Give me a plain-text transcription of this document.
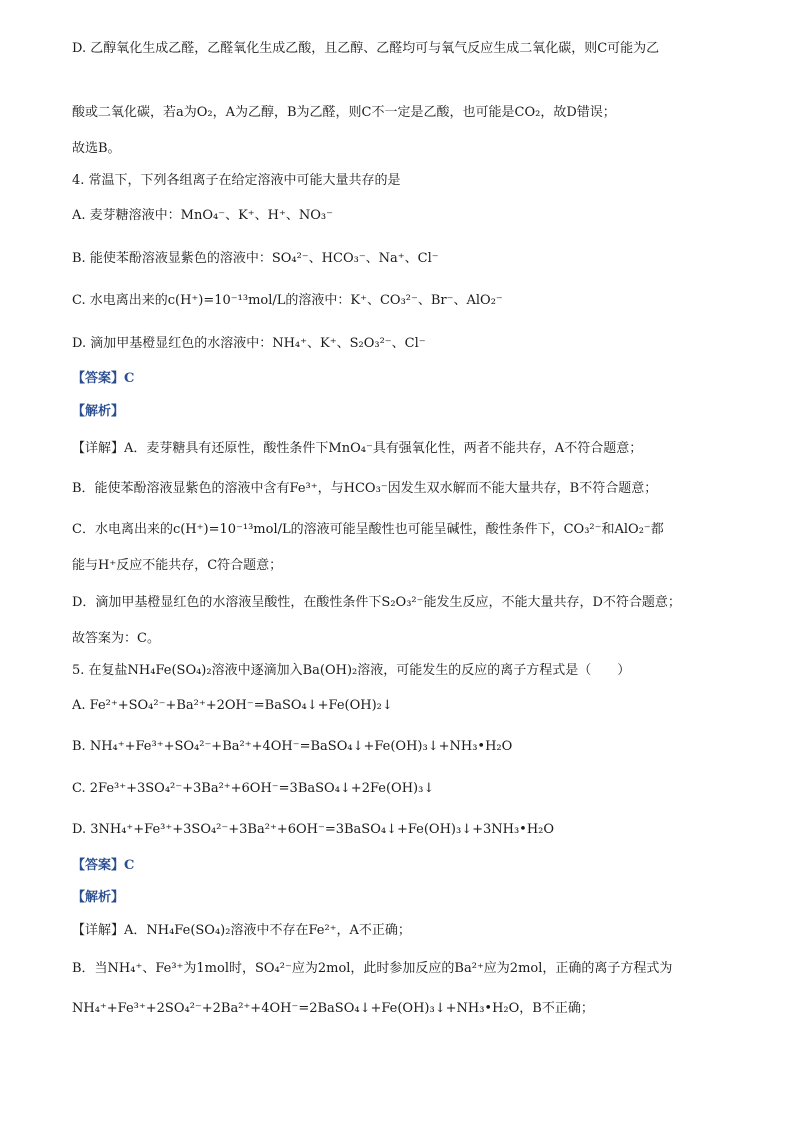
D. 乙醇氧化生成乙醛，乙醛氧化生成乙酸，且乙醇、乙醛均可与氧气反应生成二氧化碳，则C可能为乙
酸或二氧化碳，若a为O₂，A为乙醇，B为乙醛，则C不一定是乙酸，也可能是CO₂，故D错误；
故选B。
4. 常温下，下列各组离子在给定溶液中可能大量共存的是
A. 麦芽糖溶液中：MnO₄⁻、K⁺、H⁺、NO₃⁻
B. 能使苯酚溶液显紫色的溶液中：SO₄²⁻、HCO₃⁻、Na⁺、Cl⁻
C. 水电离出来的c(H⁺)=10⁻¹³mol/L的溶液中：K⁺、CO₃²⁻、Br⁻、AlO₂⁻
D. 滴加甲基橙显红色的水溶液中：NH₄⁺、K⁺、S₂O₃²⁻、Cl⁻
【答案】C
【解析】
【详解】A．麦芽糖具有还原性，酸性条件下MnO₄⁻具有强氧化性，两者不能共存，A不符合题意；
B．能使苯酚溶液显紫色的溶液中含有Fe³⁺，与HCO₃⁻因发生双水解而不能大量共存，B不符合题意；
C．水电离出来的c(H⁺)=10⁻¹³mol/L的溶液可能呈酸性也可能呈碱性，酸性条件下，CO₃²⁻和AlO₂⁻都
能与H⁺反应不能共存，C符合题意；
D．滴加甲基橙显红色的水溶液呈酸性，在酸性条件下S₂O₃²⁻能发生反应，不能大量共存，D不符合题意；
故答案为：C。
5. 在复盐NH₄Fe(SO₄)₂溶液中逐滴加入Ba(OH)₂溶液，可能发生的反应的离子方程式是（　　）
A. Fe²⁺+SO₄²⁻+Ba²⁺+2OH⁻=BaSO₄↓+Fe(OH)₂↓
B. NH₄⁺+Fe³⁺+SO₄²⁻+Ba²⁺+4OH⁻=BaSO₄↓+Fe(OH)₃↓+NH₃•H₂O
C. 2Fe³⁺+3SO₄²⁻+3Ba²⁺+6OH⁻=3BaSO₄↓+2Fe(OH)₃↓
D. 3NH₄⁺+Fe³⁺+3SO₄²⁻+3Ba²⁺+6OH⁻=3BaSO₄↓+Fe(OH)₃↓+3NH₃•H₂O
【答案】C
【解析】
【详解】A．NH₄Fe(SO₄)₂溶液中不存在Fe²⁺，A不正确；
B．当NH₄⁺、Fe³⁺为1mol时，SO₄²⁻应为2mol，此时参加反应的Ba²⁺应为2mol，正确的离子方程式为
NH₄⁺+Fe³⁺+2SO₄²⁻+2Ba²⁺+4OH⁻=2BaSO₄↓+Fe(OH)₃↓+NH₃•H₂O，B不正确；
